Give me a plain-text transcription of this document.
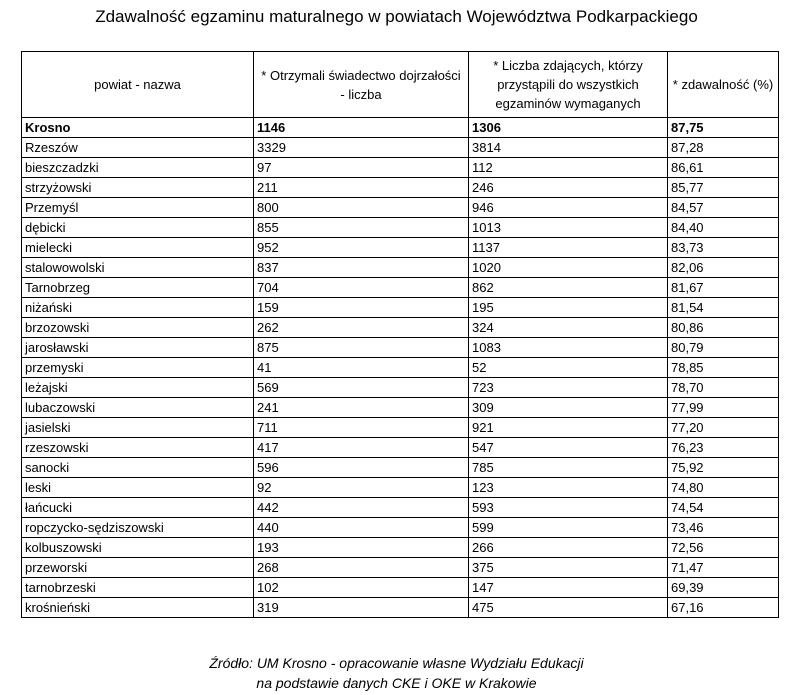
Zdawalność egzaminu maturalnego w powiatach Województwa Podkarpackiego
powiat - nazwa	* Otrzymali świadectwo dojrzałości - liczba	* Liczba zdających, którzy przystąpili do wszystkich egzaminów wymaganych	* zdawalność (%)
Krosno	1146	1306	87,75
Rzeszów	3329	3814	87,28
bieszczadzki	97	112	86,61
strzyżowski	211	246	85,77
Przemyśl	800	946	84,57
dębicki	855	1013	84,40
mielecki	952	1137	83,73
stalowowolski	837	1020	82,06
Tarnobrzeg	704	862	81,67
niżański	159	195	81,54
brzozowski	262	324	80,86
jarosławski	875	1083	80,79
przemyski	41	52	78,85
leżajski	569	723	78,70
lubaczowski	241	309	77,99
jasielski	711	921	77,20
rzeszowski	417	547	76,23
sanocki	596	785	75,92
leski	92	123	74,80
łańcucki	442	593	74,54
ropczycko-sędziszowski	440	599	73,46
kolbuszowski	193	266	72,56
przeworski	268	375	71,47
tarnobrzeski	102	147	69,39
krośnieński	319	475	67,16
Źródło: UM Krosno - opracowanie własne Wydziału Edukacji
na podstawie danych CKE i OKE w Krakowie
